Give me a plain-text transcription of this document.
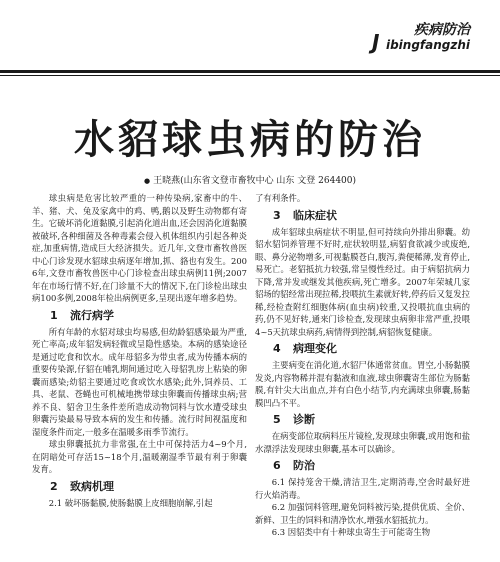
疾病防治
J ibingfangzhi
水貂球虫病的防治
● 王晓燕(山东省文登市畜牧中心 山东 文登 264400)

球虫病是危害比较严重的一种传染病,家畜中的牛、羊、猪、犬、兔及家禽中的鸡、鸭,鹅以及野生动物都有寄生。它破坏消化道黏膜,引起消化道出血,还会因消化道黏膜被破坏,各种细菌及各种毒素会侵入机体组织内引起各种炎症,加重病情,造成巨大经济损失。近几年,文登市畜牧兽医中心门诊发现水貂球虫病逐年增加,抓、貉也有发生。2006年,文登市畜牧兽医中心门诊检查出球虫病例11例;2007年在市场行情不好,在门诊量不大的情况下,在门诊检出球虫病100多例,2008年检出病例更多,呈现出逐年增多趋势。

1 流行病学

所有年龄的水貂对球虫均易感,但幼龄貂感染最为严重,死亡率高;成年貂发病轻微或呈隐性感染。本病的感染途径是通过吃食和饮水。成年母貂多为带虫者,成为传播本病的重要传染源,仔貂在哺乳期间通过吃入母貂乳房上粘染的卵囊而感染;幼貂主要通过吃食或饮水感染;此外,饲养员、工具、老鼠、苍蝇也可机械地携带球虫卵囊而传播球虫病;营养不良、貂舍卫生条件差所造成动物饲料与饮水遭受球虫卵囊污染最易导致本病的发生和传播。流行时间视温度和湿度条件而定,一般多在温暖多雨季节流行。

球虫卵囊抵抗力非常强,在土中可保持活力4~9个月,在阴暗处可存活15~18个月,温暖潮湿季节最有利于卵囊发育。

2 致病机理

2.1 破坏肠黏膜,使肠黏膜上皮细胞崩解,引起

了有利条件。

3 临床症状

成年貂球虫病症状不明显,但可持续向外排出卵囊。幼貂水貂饲养管理不好时,症状较明显,病貂食欲减少或废绝,眼、鼻分泌物增多,可视黏膜苍白,腹泻,粪便稀薄,发育停止,易死亡。老貂抵抗力较强,常呈慢性经过。由于病貂抗病力下降,常并发或继发其他疾病,死亡增多。2007年荣城几家貂场的貂经常出现拉稀,投喂抗生素就好转,停药后又复发拉稀,经检查附红细胞体病(血虫病)较重,又投喂抗血虫病的药,仍不见好转,通来门诊检查,发现球虫病卵非常严重,投喂4~5天抗球虫病药,病情得到控制,病貂恢复健康。

4 病理变化

主要病变在消化道,水貂尸体通常贫血。胃空,小肠黏膜发炎,内容物稀并混有黏液和血液,球虫卵囊寄生部位为肠黏膜,有针尖大出血点,并有白色小结节,内充满球虫卵囊,肠黏膜凹凸不平。

5 诊断

在病变部位取病料压片镜检,发现球虫卵囊,或用饱和盐水漂浮法发现球虫卵囊,基本可以确诊。

6 防治

6.1 保持笼舍干燥,清洁卫生,定期消毒,空舍时最好进行火焰消毒。

6.2 加强饲料管理,避免饲料被污染,提供优质、全价、新鲜、卫生的饲料和清净饮水,增强水貂抵抗力。

6.3 因貂类中有十种球虫寄生于可能寄生物
